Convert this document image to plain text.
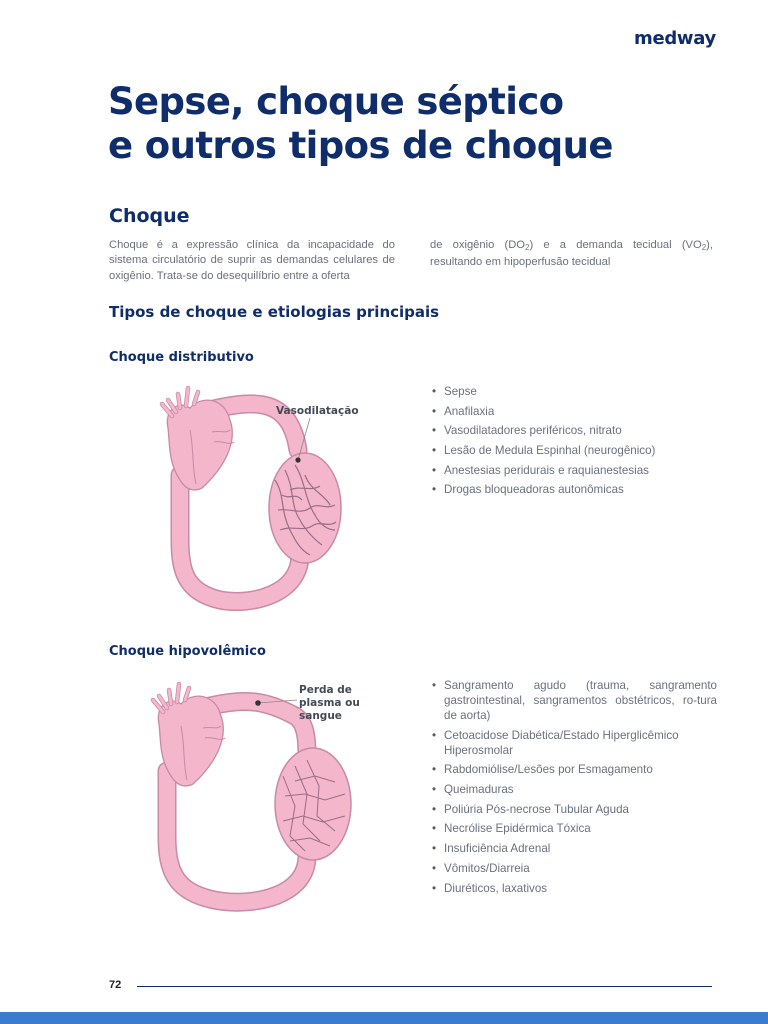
medway
Sepse, choque séptico
e outros tipos de choque
Choque

Choque é a expressão clínica da incapacidade do sistema circulatório de suprir as demandas celulares de oxigênio. Trata-se do desequilíbrio entre a oferta

de oxigênio $(DO_2)$ e a demanda tecidual $(VO_2)$, resultando em hipoperfusão tecidual

Tipos de choque e etiologias principais
Choque distributivo
Vasodilatação
• Sepse
• Anafilaxia
• Vasodilatadores periféricos, nitrato
• Lesão de Medula Espinhal (neurogênico)
• Anestesias peridurais e raquianestesias
• Drogas bloqueadoras autonômicas
Choque hipovolêmico
Perda de
plasma ou
sangue
• Sangramento agudo (trauma, sangramento gastrointestinal, sangramentos obstétricos, ro-tura de aorta)
• Cetoacidose Diabética/Estado Hiperglicêmico Hiperosmolar
• Rabdomiólise/Lesões por Esmagamento
• Queimaduras
• Poliúria Pós-necrose Tubular Aguda
• Necrólise Epidérmica Tóxica
• Insuficiência Adrenal
• Vômitos/Diarreia
• Diuréticos, laxativos
72
